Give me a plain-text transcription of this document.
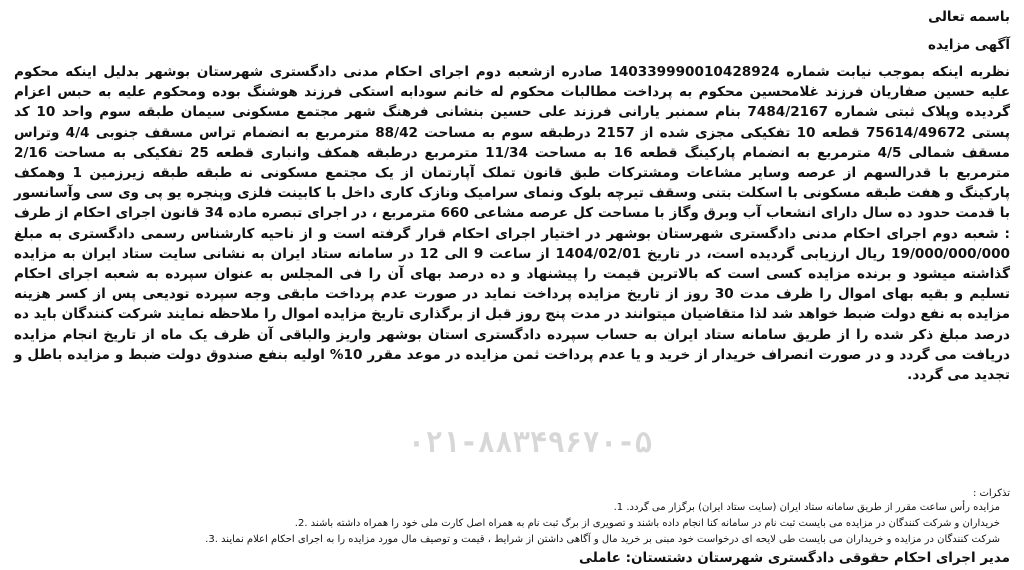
۰۲۱-۸۸۳۴۹۶۷۰-۵

باسمه تعالی

آگهی مزایده

نظربه اینکه بموجب نیابت شماره 140339990010428924 صادره ازشعبه دوم اجرای احکام مدنی دادگستری شهرستان بوشهر بدلیل اینکه محکوم علیه حسین صفاریان فرزند غلامحسین محکوم به پرداخت مطالبات محکوم له خانم سودابه استکی فرزند هوشنگ بوده ومحکوم علیه به حبس اعزام گردیده وپلاک ثبتی شماره 7484/2167 بنام سمنبر یارانی فرزند علی حسین بنشانی فرهنگ شهر مجتمع مسکونی سیمان طبقه سوم واحد 10 کد پستی 75614/49672 قطعه 10 تفکیکی مجزی شده از 2157 درطبقه سوم به مساحت 88/42 مترمربع به انضمام تراس مسقف جنوبی 4/4 وتراس مسقف شمالی 4/5 مترمربع به انضمام پارکینگ قطعه 16 به مساحت 11/34 مترمربع درطبقه همکف وانباری قطعه 25 تفکیکی به مساحت 2/16 مترمربع با قدرالسهم از عرصه وسایر مشاعات ومشترکات طبق قانون تملک آپارتمان از یک مجتمع مسکونی نه طبقه طبقه زیرزمین 1 وهمکف پارکینگ و هفت طبقه مسکونی با اسکلت بتنی وسقف تیرچه بلوک ونمای سرامیک ونازک کاری داخل با کابینت فلزی وپنجره یو پی وی سی وآسانسور با قدمت حدود ده سال دارای انشعاب آب وبرق وگاز با مساحت کل عرصه مشاعی 660 مترمربع ، در اجرای تبصره ماده 34 قانون اجرای احکام از طرف : شعبه دوم اجرای احکام مدنی دادگستری شهرستان بوشهر در اختیار اجرای احکام قرار گرفته است و از ناحیه کارشناس رسمی دادگستری به مبلغ 19/000/000/000 ریال ارزیابی گردیده است، در تاریخ 1404/02/01 از ساعت 9 الی 12 در سامانه ستاد ایران به نشانی سایت ستاد ایران به مزایده گذاشته میشود و برنده مزایده کسی است که بالاترین قیمت را پیشنهاد و ده درصد بهای آن را فی المجلس به عنوان سپرده به شعبه اجرای احکام تسلیم و بقیه بهای اموال را ظرف مدت 30 روز از تاریخ مزایده پرداخت نماید در صورت عدم پرداخت مابقی وجه سپرده تودیعی پس از کسر هزینه مزایده به نفع دولت ضبط خواهد شد لذا متقاضیان میتوانند در مدت پنج روز قبل از برگذاری تاریخ مزایده اموال را ملاحظه نمایند شرکت کنندگان باید ده درصد مبلغ ذکر شده را از طریق سامانه ستاد ایران به حساب سپرده دادگستری استان بوشهر واریز والباقی آن ظرف یک ماه از تاریخ انجام مزایده دریافت می گردد و در صورت انصراف خریدار از خرید و یا عدم پرداخت ثمن مزایده در موعد مقرر 10% اولیه بنفع صندوق دولت ضبط و مزایده باطل و تجدید می گردد.

تذکرات :

مزایده رأس ساعت مقرر از طریق سامانه ستاد ایران (سایت ستاد ایران) برگزار می گردد. 1.

خریداران و شرکت کنندگان در مزایده می بایست ثبت نام در سامانه کنا انجام داده باشند و تصویری از برگ ثبت نام به همراه اصل کارت ملی خود را همراه داشته باشند .2.

شرکت کنندگان در مزایده و خریداران می بایست طی لایحه ای درخواست خود مبنی بر خرید مال و آگاهی داشتن از شرایط ، قیمت و توصیف مال مورد مزایده را به اجرای احکام اعلام نمایند .3.

مدیر اجرای احکام حقوقی دادگستری شهرستان دشتستان: عاملی
